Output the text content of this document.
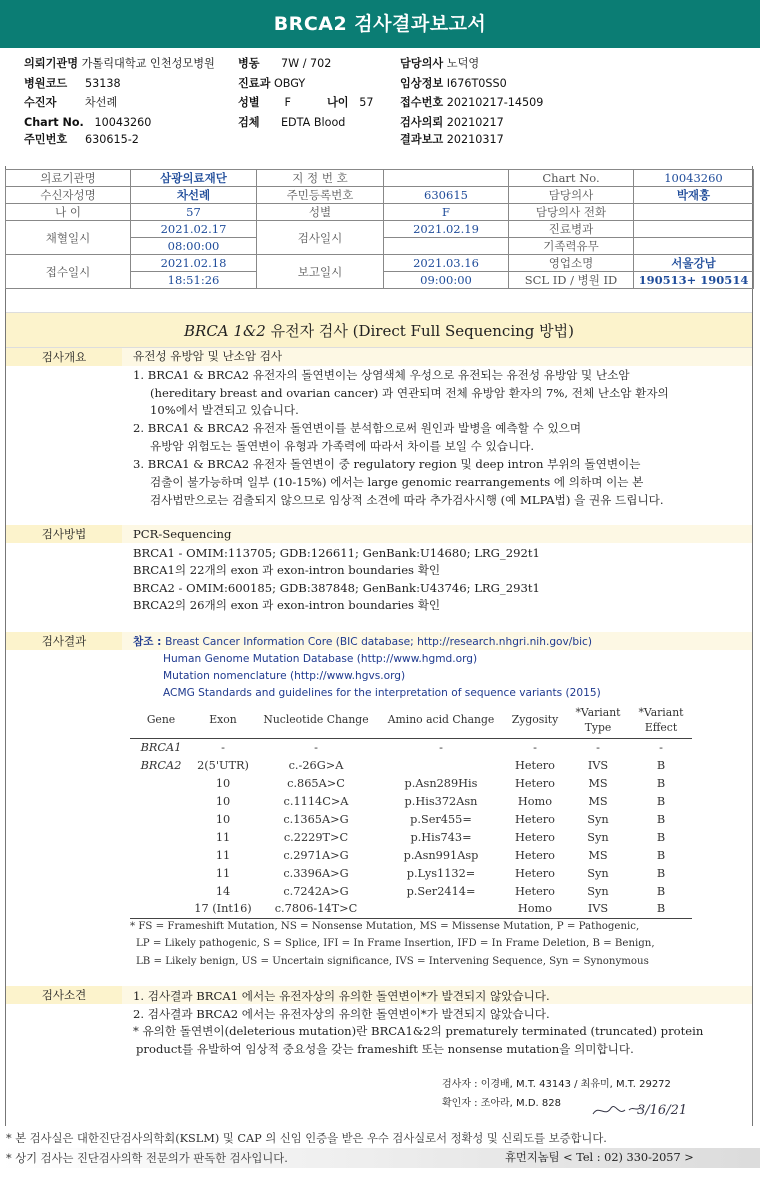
BRCA2 검사결과보고서
의뢰기관명 가톨릭대학교 인천성모병원
병원코드 53138
수진자	차선례
Chart No. 10043260
주민번호 630615-2
병동 7W / 702
진료과 OBGY
성별 F	나이 57
검체 EDTA Blood
담당의사 노덕영
임상정보 I676T0SS0
접수번호 20210217-14509
검사의뢰 20210217
결과보고 20210317
의료기관명	삼광의료재단	지 정 번 호		Chart No.	10043260
수신자성명	차선례	주민등록번호	630615	담당의사	박재홍
나 이	57	성별	F	담당의사 전화	
채혈일시	2021.02.17	검사일시	2021.02.19	진료병과	
	08:00:00			기족력유무	
접수일시	2021.02.18	보고일시	2021.03.16	영업소명	서울강남
	18:51:26		09:00:00	SCL ID / 병원 ID	190513+ 190514
BRCA 1&2 유전자 검사 (Direct Full Sequencing 방법)
검사개요	유전성 유방암 및 난소암 검사
1. BRCA1 & BRCA2 유전자의 돌연변이는 상염색체 우성으로 유전되는 유전성 유방암 및 난소암
(hereditary breast and ovarian cancer) 과 연관되며 전체 유방암 환자의 7%, 전체 난소암 환자의
10%에서 발견되고 있습니다.
2. BRCA1 & BRCA2 유전자 돌연변이를 분석함으로써 원인과 발병을 예측할 수 있으며
유방암 위험도는 돌연변이 유형과 가족력에 따라서 차이를 보일 수 있습니다.
3. BRCA1 & BRCA2 유전자 돌연변이 중 regulatory region 및 deep intron 부위의 돌연변이는
검출이 불가능하며 일부 (10-15%) 에서는 large genomic rearrangements 에 의하며 이는 본
검사법만으로는 검출되지 않으므로 임상적 소견에 따라 추가검사시행 (예 MLPA법) 을 권유 드립니다.
검사방법	PCR-Sequencing
BRCA1 - OMIM:113705; GDB:126611; GenBank:U14680; LRG_292t1
BRCA1의 22개의 exon 과 exon-intron boundaries 확인
BRCA2 - OMIM:600185; GDB:387848; GenBank:U43746; LRG_293t1
BRCA2의 26개의 exon 과 exon-intron boundaries 확인
검사결과	참조 : Breast Cancer Information Core (BIC database; http://research.nhgri.nih.gov/bic)
Human Genome Mutation Database (http://www.hgmd.org)
Mutation nomenclature (http://www.hgvs.org)
ACMG Standards and guidelines for the interpretation of sequence variants (2015)
Gene	Exon	Nucleotide Change	Amino acid Change	Zygosity	*Variant Type	*Variant Effect
BRCA1	-	-	-	-	-	-
BRCA2	2(5'UTR)	c.-26G>A		Hetero	IVS	B
	10	c.865A>C	p.Asn289His	Hetero	MS	B
	10	c.1114C>A	p.His372Asn	Homo	MS	B
	10	c.1365A>G	p.Ser455=	Hetero	Syn	B
	11	c.2229T>C	p.His743=	Hetero	Syn	B
	11	c.2971A>G	p.Asn991Asp	Hetero	MS	B
	11	c.3396A>G	p.Lys1132=	Hetero	Syn	B
	14	c.7242A>G	p.Ser2414=	Hetero	Syn	B
	17 (Int16)	c.7806-14T>C		Homo	IVS	B
* FS = Frameshift Mutation, NS = Nonsense Mutation, MS = Missense Mutation, P = Pathogenic,
LP = Likely pathogenic, S = Splice, IFI = In Frame Insertion, IFD = In Frame Deletion, B = Benign,
LB = Likely benign, US = Uncertain significance, IVS = Intervening Sequence, Syn = Synonymous
검사소견	1. 검사결과 BRCA1 에서는 유전자상의 유의한 돌연변이*가 발견되지 않았습니다.
2. 검사결과 BRCA2 에서는 유전자상의 유의한 돌연변이*가 발견되지 않았습니다.
* 유의한 돌연변이(deleterious mutation)란 BRCA1&2의 prematurely terminated (truncated) protein
product를 유발하여 임상적 중요성을 갖는 frameshift 또는 nonsense mutation을 의미합니다.
검사자 : 이경배, M.T. 43143 / 최유미, M.T. 29272
확인자 : 조아라, M.D. 828	3/16/21
* 본 검사실은 대한진단검사의학회(KSLM) 및 CAP 의 신임 인증을 받은 우수 검사실로서 정확성 및 신뢰도를 보증합니다.
* 상기 검사는 진단검사의학 전문의가 판독한 검사입니다.	휴먼지놈팀 < Tel : 02) 330-2057 >
